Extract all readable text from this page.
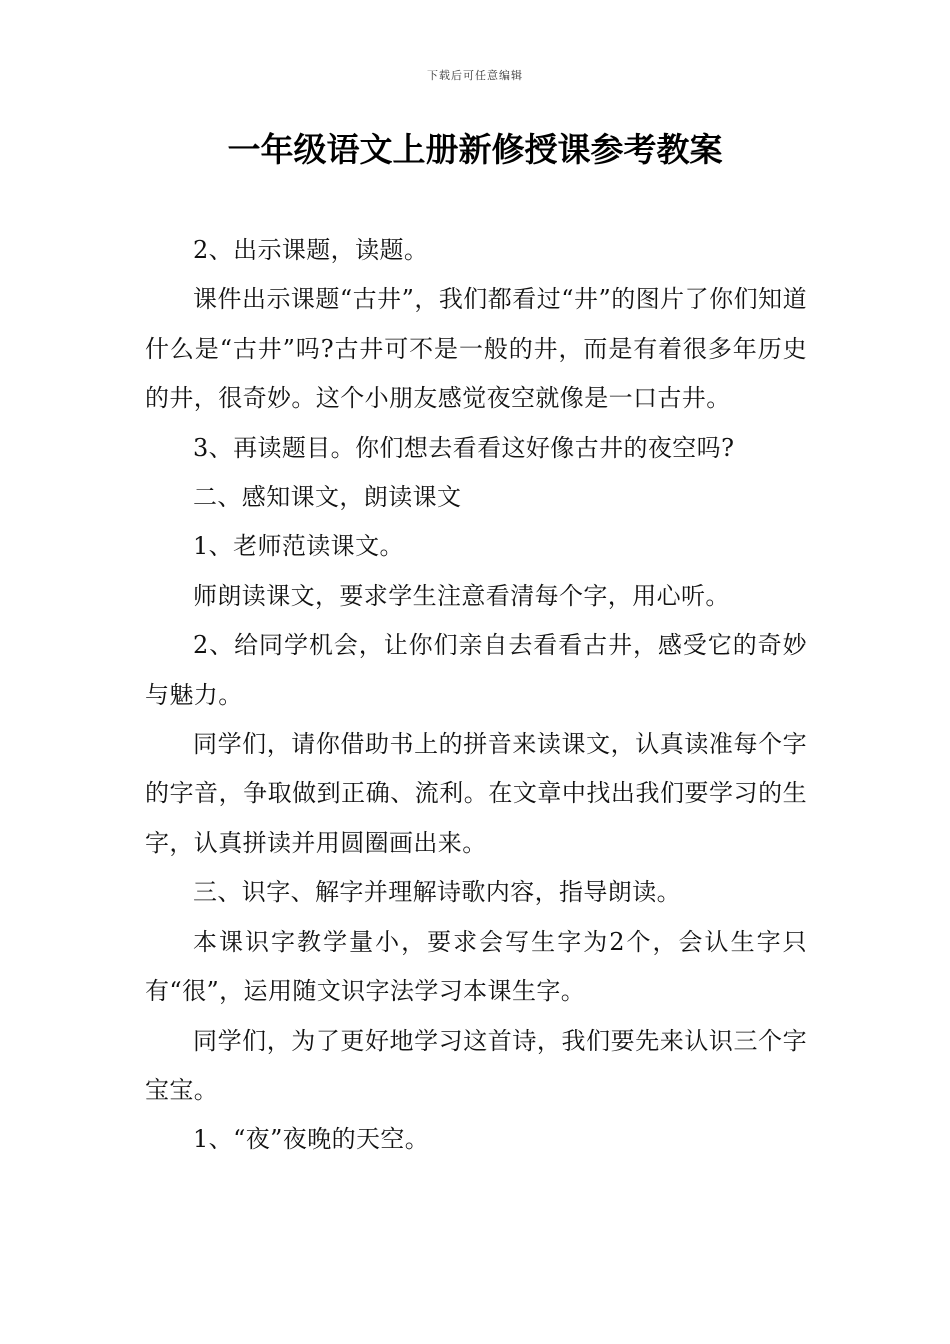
下载后可任意编辑
一年级语文上册新修授课参考教案

2、出示课题，读题。

课件出示课题“古井”，我们都看过“井”的图片了你们知道什么是“古井”吗?古井可不是一般的井，而是有着很多年历史的井，很奇妙。这个小朋友感觉夜空就像是一口古井。

3、再读题目。你们想去看看这好像古井的夜空吗?

二、感知课文，朗读课文

1、老师范读课文。

师朗读课文，要求学生注意看清每个字，用心听。

2、给同学机会，让你们亲自去看看古井，感受它的奇妙与魅力。

同学们，请你借助书上的拼音来读课文，认真读准每个字的字音，争取做到正确、流利。在文章中找出我们要学习的生字，认真拼读并用圆圈画出来。

三、识字、解字并理解诗歌内容，指导朗读。

本课识字教学量小，要求会写生字为2个，会认生字只有“很”，运用随文识字法学习本课生字。

同学们，为了更好地学习这首诗，我们要先来认识三个字宝宝。

1、“夜”夜晚的天空。
